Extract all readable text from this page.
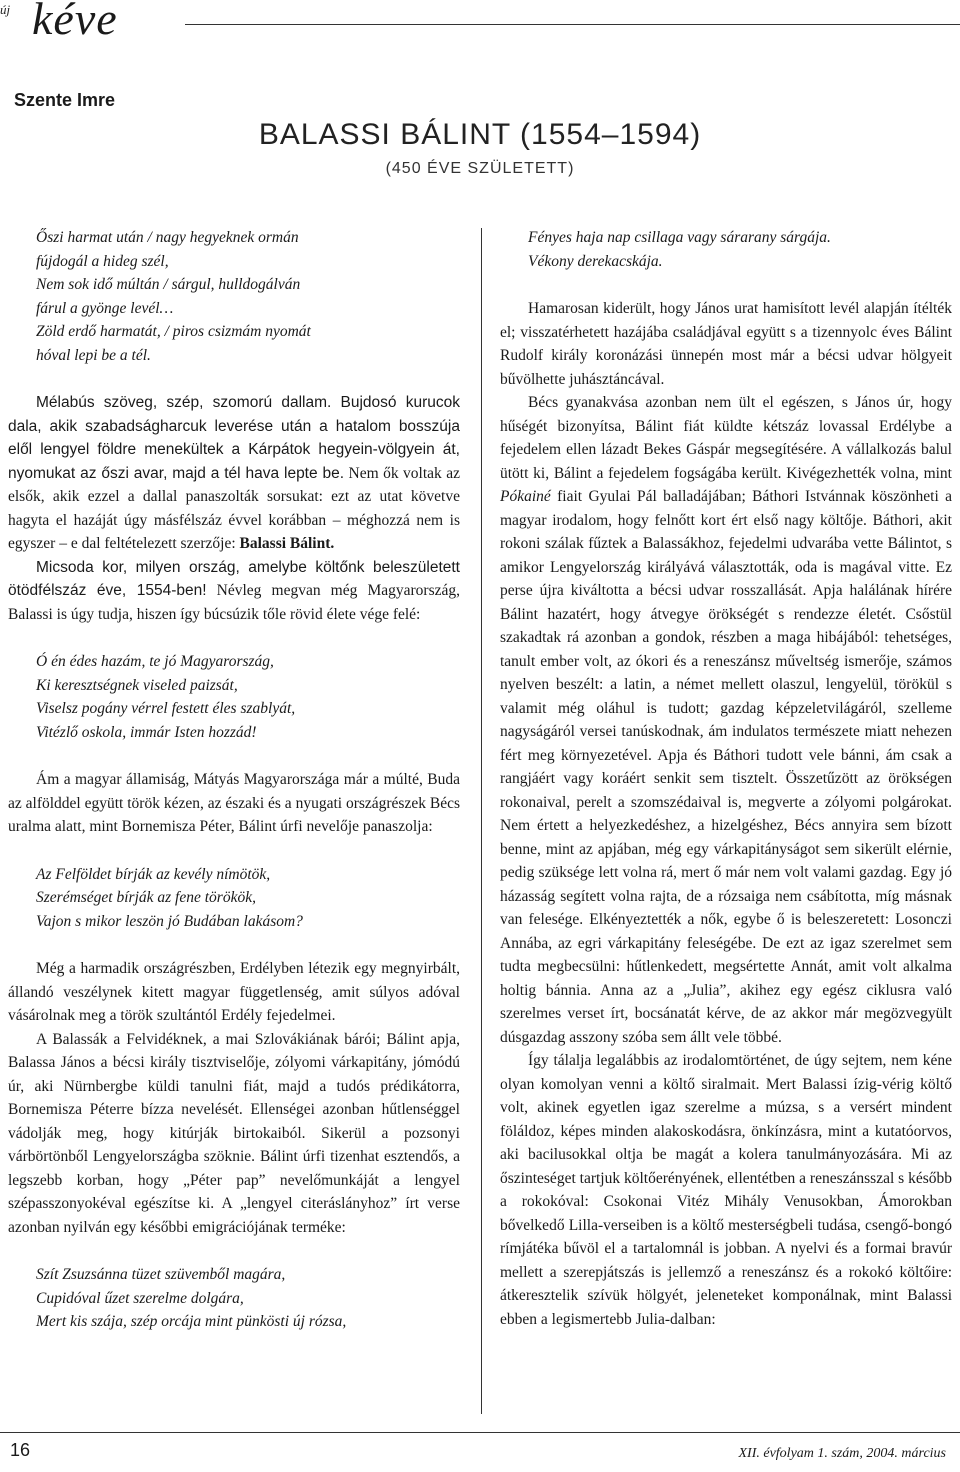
új kéve
Szente Imre
BALASSI BÁLINT (1554–1594)
(450 ÉVE SZÜLETETT)
Őszi harmat után / nagy hegyeknek ormán
fújdogál a hideg szél,
Nem sok idő múltán / sárgul, hulldogálván
fárul a gyönge levél…
Zöld erdő harmatát, / piros csizmám nyomát
hóval lepi be a tél.

Mélabús szöveg, szép, szomorú dallam. Bujdosó kurucok dala, akik szabadságharcuk leverése után a hatalom bosszúja elől lengyel földre menekültek a Kárpátok hegyein-völgyein át, nyomukat az őszi avar, majd a tél hava lepte be. Nem ők voltak az elsők, akik ezzel a dallal panaszolták sorsukat: ezt az utat követve hagyta el hazáját úgy másfélszáz évvel korábban – méghozzá nem is egyszer – e dal feltételezett szerzője: Balassi Bálint.

Micsoda kor, milyen ország, amelybe költőnk beleszületett ötödfélszáz éve, 1554-ben! Névleg megvan még Magyarország, Balassi is úgy tudja, hiszen így búcsúzik tőle rövid élete vége felé:

Ó én édes hazám, te jó Magyarország,
Ki keresztségnek viseled paizsát,
Viselsz pogány vérrel festett éles szablyát,
Vitézlő oskola, immár Isten hozzád!

Ám a magyar államiság, Mátyás Magyarországa már a múlté, Buda az alfölddel együtt török kézen, az északi és a nyugati országrészek Bécs uralma alatt, mint Bornemisza Péter, Bálint úrfi nevelője panaszolja:

Az Felföldet bírják az kevély nímötök,
Szerémséget bírják az fene törökök,
Vajon s mikor leszön jó Budában lakásom?

Még a harmadik országrészben, Erdélyben létezik egy megnyirbált, állandó veszélynek kitett magyar függetlenség, amit súlyos adóval vásárolnak meg a török szultántól Erdély fejedelmei.

A Balassák a Felvidéknek, a mai Szlovákiának bárói; Bálint apja, Balassa János a bécsi király tisztviselője, zólyomi várkapitány, jómódú úr, aki Nürnbergbe küldi tanulni fiát, majd a tudós prédikátorra, Bornemisza Péterre bízza nevelését. Ellenségei azonban hűtlenséggel vádolják meg, hogy kitúrják birtokaiból. Sikerül a pozsonyi várbörtönből Lengyelországba szöknie. Bálint úrfi tizenhat esztendős, a legszebb korban, hogy „Péter pap” nevelőmunkáját a lengyel szépasszonyokéval egészítse ki. A „lengyel citeráslányhoz” írt verse azonban nyilván egy későbbi emigrációjának terméke:

Szít Zsuzsánna tüzet szüvemből magára,
Cupidóval űzet szerelme dolgára,
Mert kis szája, szép orcája mint pünkösti új rózsa,
Fényes haja nap csillaga vagy sárarany sárgája.
Vékony derekacskája.

Hamarosan kiderült, hogy János urat hamisított levél alapján ítélték el; visszatérhetett hazájába családjával együtt s a tizennyolc éves Bálint Rudolf király koronázási ünnepén most már a bécsi udvar hölgyeit bűvölhette juhásztáncával.

Bécs gyanakvása azonban nem ült el egészen, s János úr, hogy hűségét bizonyítsa, Bálint fiát küldte kétszáz lovassal Erdélybe a fejedelem ellen lázadt Bekes Gáspár megsegítésére. A vállalkozás balul ütött ki, Bálint a fejedelem fogságába került. Kivégezhették volna, mint Pókainé fiait Gyulai Pál balladájában; Báthori Istvánnak köszönheti a magyar irodalom, hogy felnőtt kort ért első nagy költője. Báthori, akit rokoni szálak fűztek a Balassákhoz, fejedelmi udvarába vette Bálintot, s amikor Lengyelország királyává választották, oda is magával vitte. Ez perse újra kiváltotta a bécsi udvar rosszallását. Apja halálának hírére Bálint hazatért, hogy átvegye örökségét s rendezze életét. Csőstül szakadtak rá azonban a gondok, részben a maga hibájából: tehetséges, tanult ember volt, az ókori és a reneszánsz műveltség ismerője, számos nyelven beszélt: a latin, a német mellett olaszul, lengyelül, törökül s valamit még oláhul is tudott; gazdag képzeletvilágáról, szelleme nagyságáról versei tanúskodnak, ám indulatos természete miatt nehezen fért meg környezetével. Apja és Báthori tudott vele bánni, ám csak a rangjáért vagy koráért senkit sem tisztelt. Összetűzött az örökségen rokonaival, perelt a szomszédaival is, megverte a zólyomi polgárokat. Nem értett a helyezkedéshez, a hizelgéshez, Bécs annyira sem bízott benne, mint az apjában, még egy várkapitányságot sem sikerült elérnie, pedig szüksége lett volna rá, mert ő már nem volt valami gazdag. Egy jó házasság segített volna rajta, de a rózsaiga nem csábította, míg másnak van felesége. Elkényeztették a nők, egybe ő is beleszeretett: Losonczi Annába, az egri várkapitány feleségébe. De ezt az igaz szerelmet sem tudta megbecsülni: hűtlenkedett, megsértette Annát, amit volt alkalma holtig bánnia. Anna az a „Julia”, akihez egy egész ciklusra való szerelmes verset írt, bocsánatát kérve, de az akkor már megözvegyült dúsgazdag asszony szóba sem állt vele többé.

Így tálalja legalábbis az irodalomtörténet, de úgy sejtem, nem kéne olyan komolyan venni a költő siralmait. Mert Balassi ízig-vérig költő volt, akinek egyetlen igaz szerelme a múzsa, s a versért mindent föláldoz, képes minden alakoskodásra, önkínzásra, mint a kutatóorvos, aki bacilusokkal oltja be magát a kolera tanulmányozására. Mi az őszinteséget tartjuk költőerényének, ellentétben a reneszánsszal s később a rokokóval: Csokonai Vitéz Mihály Venusokban, Ámorokban bővelkedő Lilla-verseiben is a költő mesterségbeli tudása, csengő-bongó rímjátéka bűvöl el a tartalomnál is jobban. A nyelvi és a formai bravúr mellett a szerepjátszás is jellemző a reneszánsz és a rokokó költőire: átkeresztelik szívük hölgyét, jeleneteket komponálnak, mint Balassi ebben a legismertebb Julia-dalban:

16	XII. évfolyam 1. szám, 2004. március
